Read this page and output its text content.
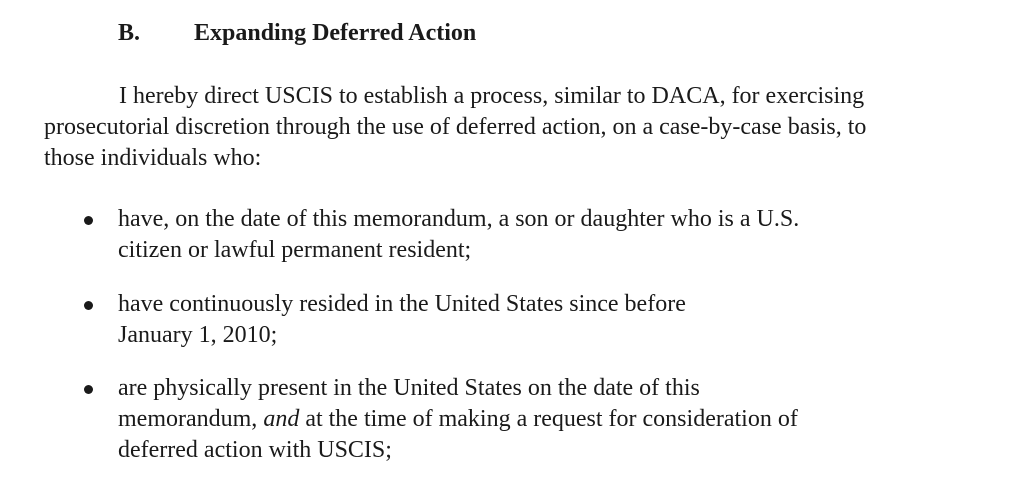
B. Expanding Deferred Action
I hereby direct USCIS to establish a process, similar to DACA, for exercising
prosecutorial discretion through the use of deferred action, on a case-by-case basis, to
those individuals who:
have, on the date of this memorandum, a son or daughter who is a U.S.
citizen or lawful permanent resident;
have continuously resided in the United States since before
January 1, 2010;
are physically present in the United States on the date of this
memorandum, and at the time of making a request for consideration of
deferred action with USCIS;
